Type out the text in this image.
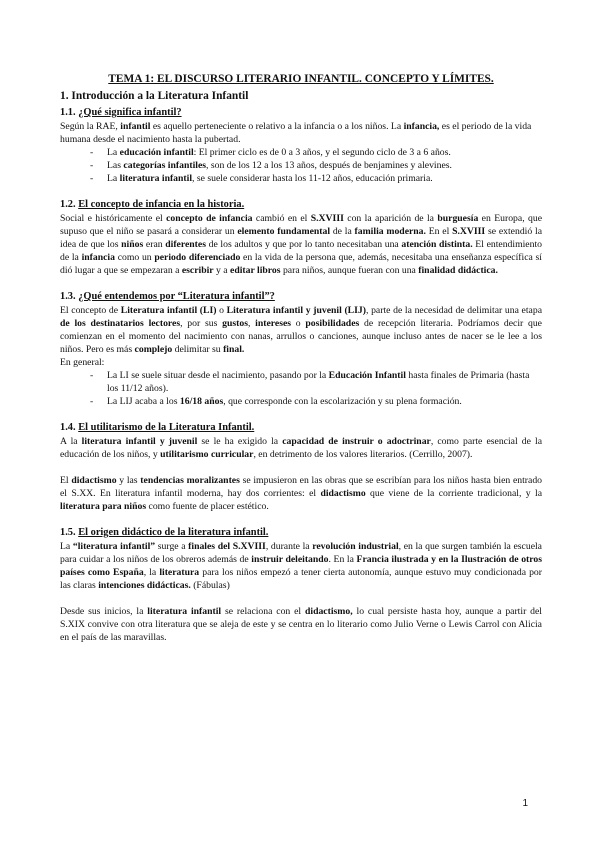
TEMA 1: EL DISCURSO LITERARIO INFANTIL. CONCEPTO Y LÍMITES.
1. Introducción a la Literatura Infantil
1.1. ¿Qué significa infantil?

Según la RAE, infantil es aquello perteneciente o relativo a la infancia o a los niños. La infancia, es el periodo de la vida humana desde el nacimiento hasta la pubertad.

- La educación infantil: El primer ciclo es de 0 a 3 años, y el segundo ciclo de 3 a 6 años.
- Las categorías infantiles, son de los 12 a los 13 años, después de benjamines y alevines.
- La literatura infantil, se suele considerar hasta los 11-12 años, educación primaria.
1.2. El concepto de infancia en la historia.

Social e históricamente el concepto de infancia cambió en el S.XVIII con la aparición de la burguesía en Europa, que supuso que el niño se pasará a considerar un elemento fundamental de la familia moderna. En el S.XVIII se extendió la idea de que los niños eran diferentes de los adultos y que por lo tanto necesitaban una atención distinta. El entendimiento de la infancia como un periodo diferenciado en la vida de la persona que, además, necesitaba una enseñanza específica sí dió lugar a que se empezaran a escribir y a editar libros para niños, aunque fueran con una finalidad didáctica.

1.3. ¿Qué entendemos por “Literatura infantil”?

El concepto de Literatura infantil (LI) o Literatura infantil y juvenil (LIJ), parte de la necesidad de delimitar una etapa de los destinatarios lectores, por sus gustos, intereses o posibilidades de recepción literaria. Podríamos decir que comienzan en el momento del nacimiento con nanas, arrullos o canciones, aunque incluso antes de nacer se le lee a los niños. Pero es más complejo delimitar su final.

En general:

- La LI se suele situar desde el nacimiento, pasando por la Educación Infantil hasta finales de Primaria (hasta los 11/12 años).
- La LIJ acaba a los 16/18 años, que corresponde con la escolarización y su plena formación.
1.4. El utilitarismo de la Literatura Infantil.

A la literatura infantil y juvenil se le ha exigido la capacidad de instruir o adoctrinar, como parte esencial de la educación de los niños, y utilitarismo curricular, en detrimento de los valores literarios. (Cerrillo, 2007).

El didactismo y las tendencias moralizantes se impusieron en las obras que se escribían para los niños hasta bien entrado el S.XX. En literatura infantil moderna, hay dos corrientes: el didactismo que viene de la corriente tradicional, y la literatura para niños como fuente de placer estético.

1.5. El origen didáctico de la literatura infantil.

La “literatura infantil” surge a finales del S.XVIII, durante la revolución industrial, en la que surgen también la escuela para cuidar a los niños de los obreros además de instruir deleitando. En la Francia ilustrada y en la Ilustración de otros países como España, la literatura para los niños empezó a tener cierta autonomía, aunque estuvo muy condicionada por las claras intenciones didácticas. (Fábulas)

Desde sus inicios, la literatura infantil se relaciona con el didactismo, lo cual persiste hasta hoy, aunque a partir del S.XIX convive con otra literatura que se aleja de este y se centra en lo literario como Julio Verne o Lewis Carrol con Alicia en el país de las maravillas.

1
